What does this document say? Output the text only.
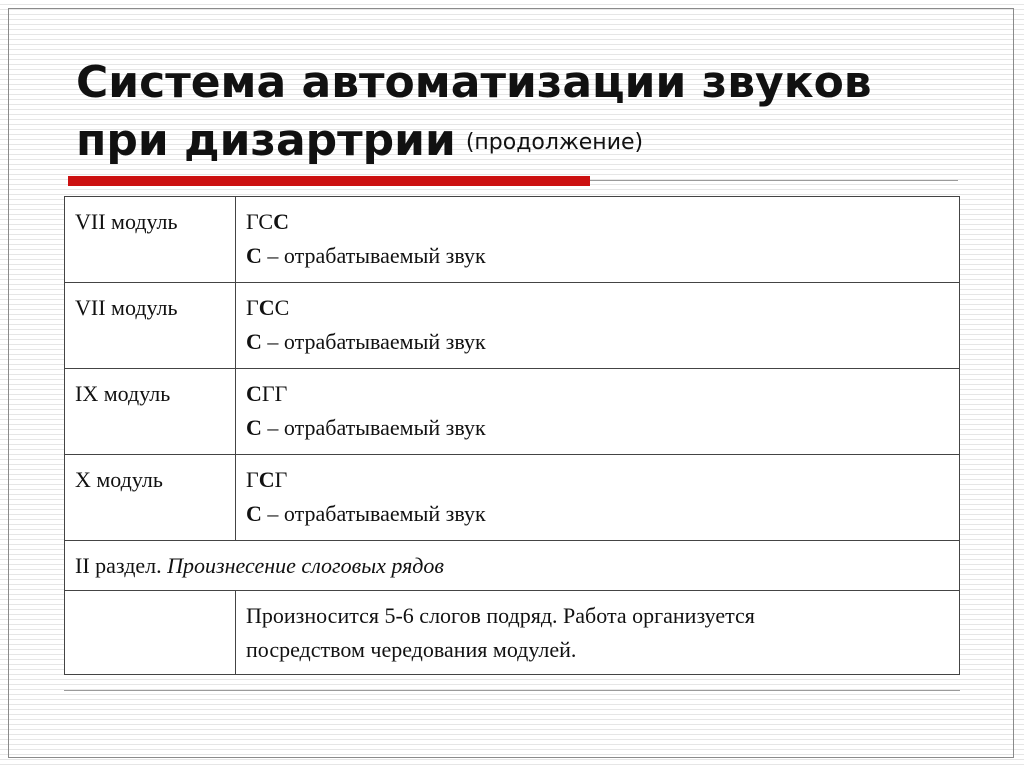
Система автоматизации звуков
при дизартрии (продолжение)
VII модуль	ГСС
С – отрабатываемый звук

VII модуль	ГСС
С – отрабатываемый звук

IX модуль	СГГ
С – отрабатываемый звук

X модуль	ГСГ
С – отрабатываемый звук

II раздел. Произнесение слоговых рядов	

	Произносится 5-6 слогов подряд. Работа организуется
посредством чередования модулей.
